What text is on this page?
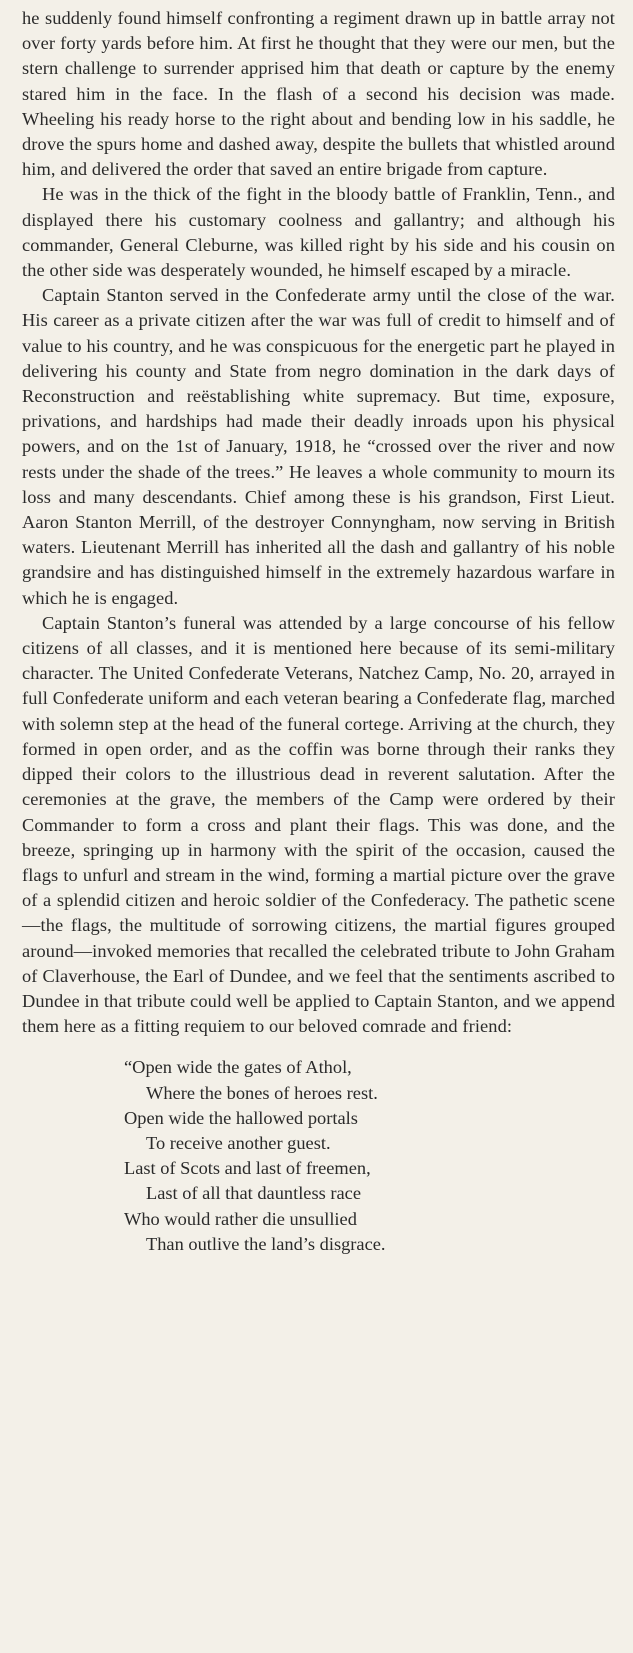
he suddenly found himself confronting a regiment drawn up in battle array not over forty yards before him. At first he thought that they were our men, but the stern challenge to surrender apprised him that death or capture by the enemy stared him in the face. In the flash of a second his decision was made. Wheeling his ready horse to the right about and bending low in his saddle, he drove the spurs home and dashed away, despite the bullets that whistled around him, and delivered the order that saved an entire brigade from capture.

He was in the thick of the fight in the bloody battle of Franklin, Tenn., and displayed there his customary coolness and gallantry; and although his commander, General Cleburne, was killed right by his side and his cousin on the other side was desperately wounded, he himself escaped by a miracle.

Captain Stanton served in the Confederate army until the close of the war. His career as a private citizen after the war was full of credit to himself and of value to his country, and he was conspicuous for the energetic part he played in delivering his county and State from negro domination in the dark days of Reconstruction and reëstablishing white supremacy. But time, exposure, privations, and hardships had made their deadly inroads upon his physical powers, and on the 1st of January, 1918, he “crossed over the river and now rests under the shade of the trees.” He leaves a whole community to mourn its loss and many descendants. Chief among these is his grandson, First Lieut. Aaron Stanton Merrill, of the destroyer Connyngham, now serving in British waters. Lieutenant Merrill has inherited all the dash and gallantry of his noble grandsire and has distinguished himself in the extremely hazardous warfare in which he is engaged.

Captain Stanton’s funeral was attended by a large concourse of his fellow citizens of all classes, and it is mentioned here because of its semi-military character. The United Confederate Veterans, Natchez Camp, No. 20, arrayed in full Confederate uniform and each veteran bearing a Confederate flag, marched with solemn step at the head of the funeral cortege. Arriving at the church, they formed in open order, and as the coffin was borne through their ranks they dipped their colors to the illustrious dead in reverent salutation. After the ceremonies at the grave, the members of the Camp were ordered by their Commander to form a cross and plant their flags. This was done, and the breeze, springing up in harmony with the spirit of the occasion, caused the flags to unfurl and stream in the wind, forming a martial picture over the grave of a splendid citizen and heroic soldier of the Confederacy. The pathetic scene—the flags, the multitude of sorrowing citizens, the martial figures grouped around—invoked memories that recalled the celebrated tribute to John Graham of Claverhouse, the Earl of Dundee, and we feel that the sentiments ascribed to Dundee in that tribute could well be applied to Captain Stanton, and we append them here as a fitting requiem to our beloved comrade and friend:

“Open wide the gates of Athol,
Where the bones of heroes rest.
Open wide the hallowed portals
To receive another guest.
Last of Scots and last of freemen,
Last of all that dauntless race
Who would rather die unsullied
Than outlive the land’s disgrace.
